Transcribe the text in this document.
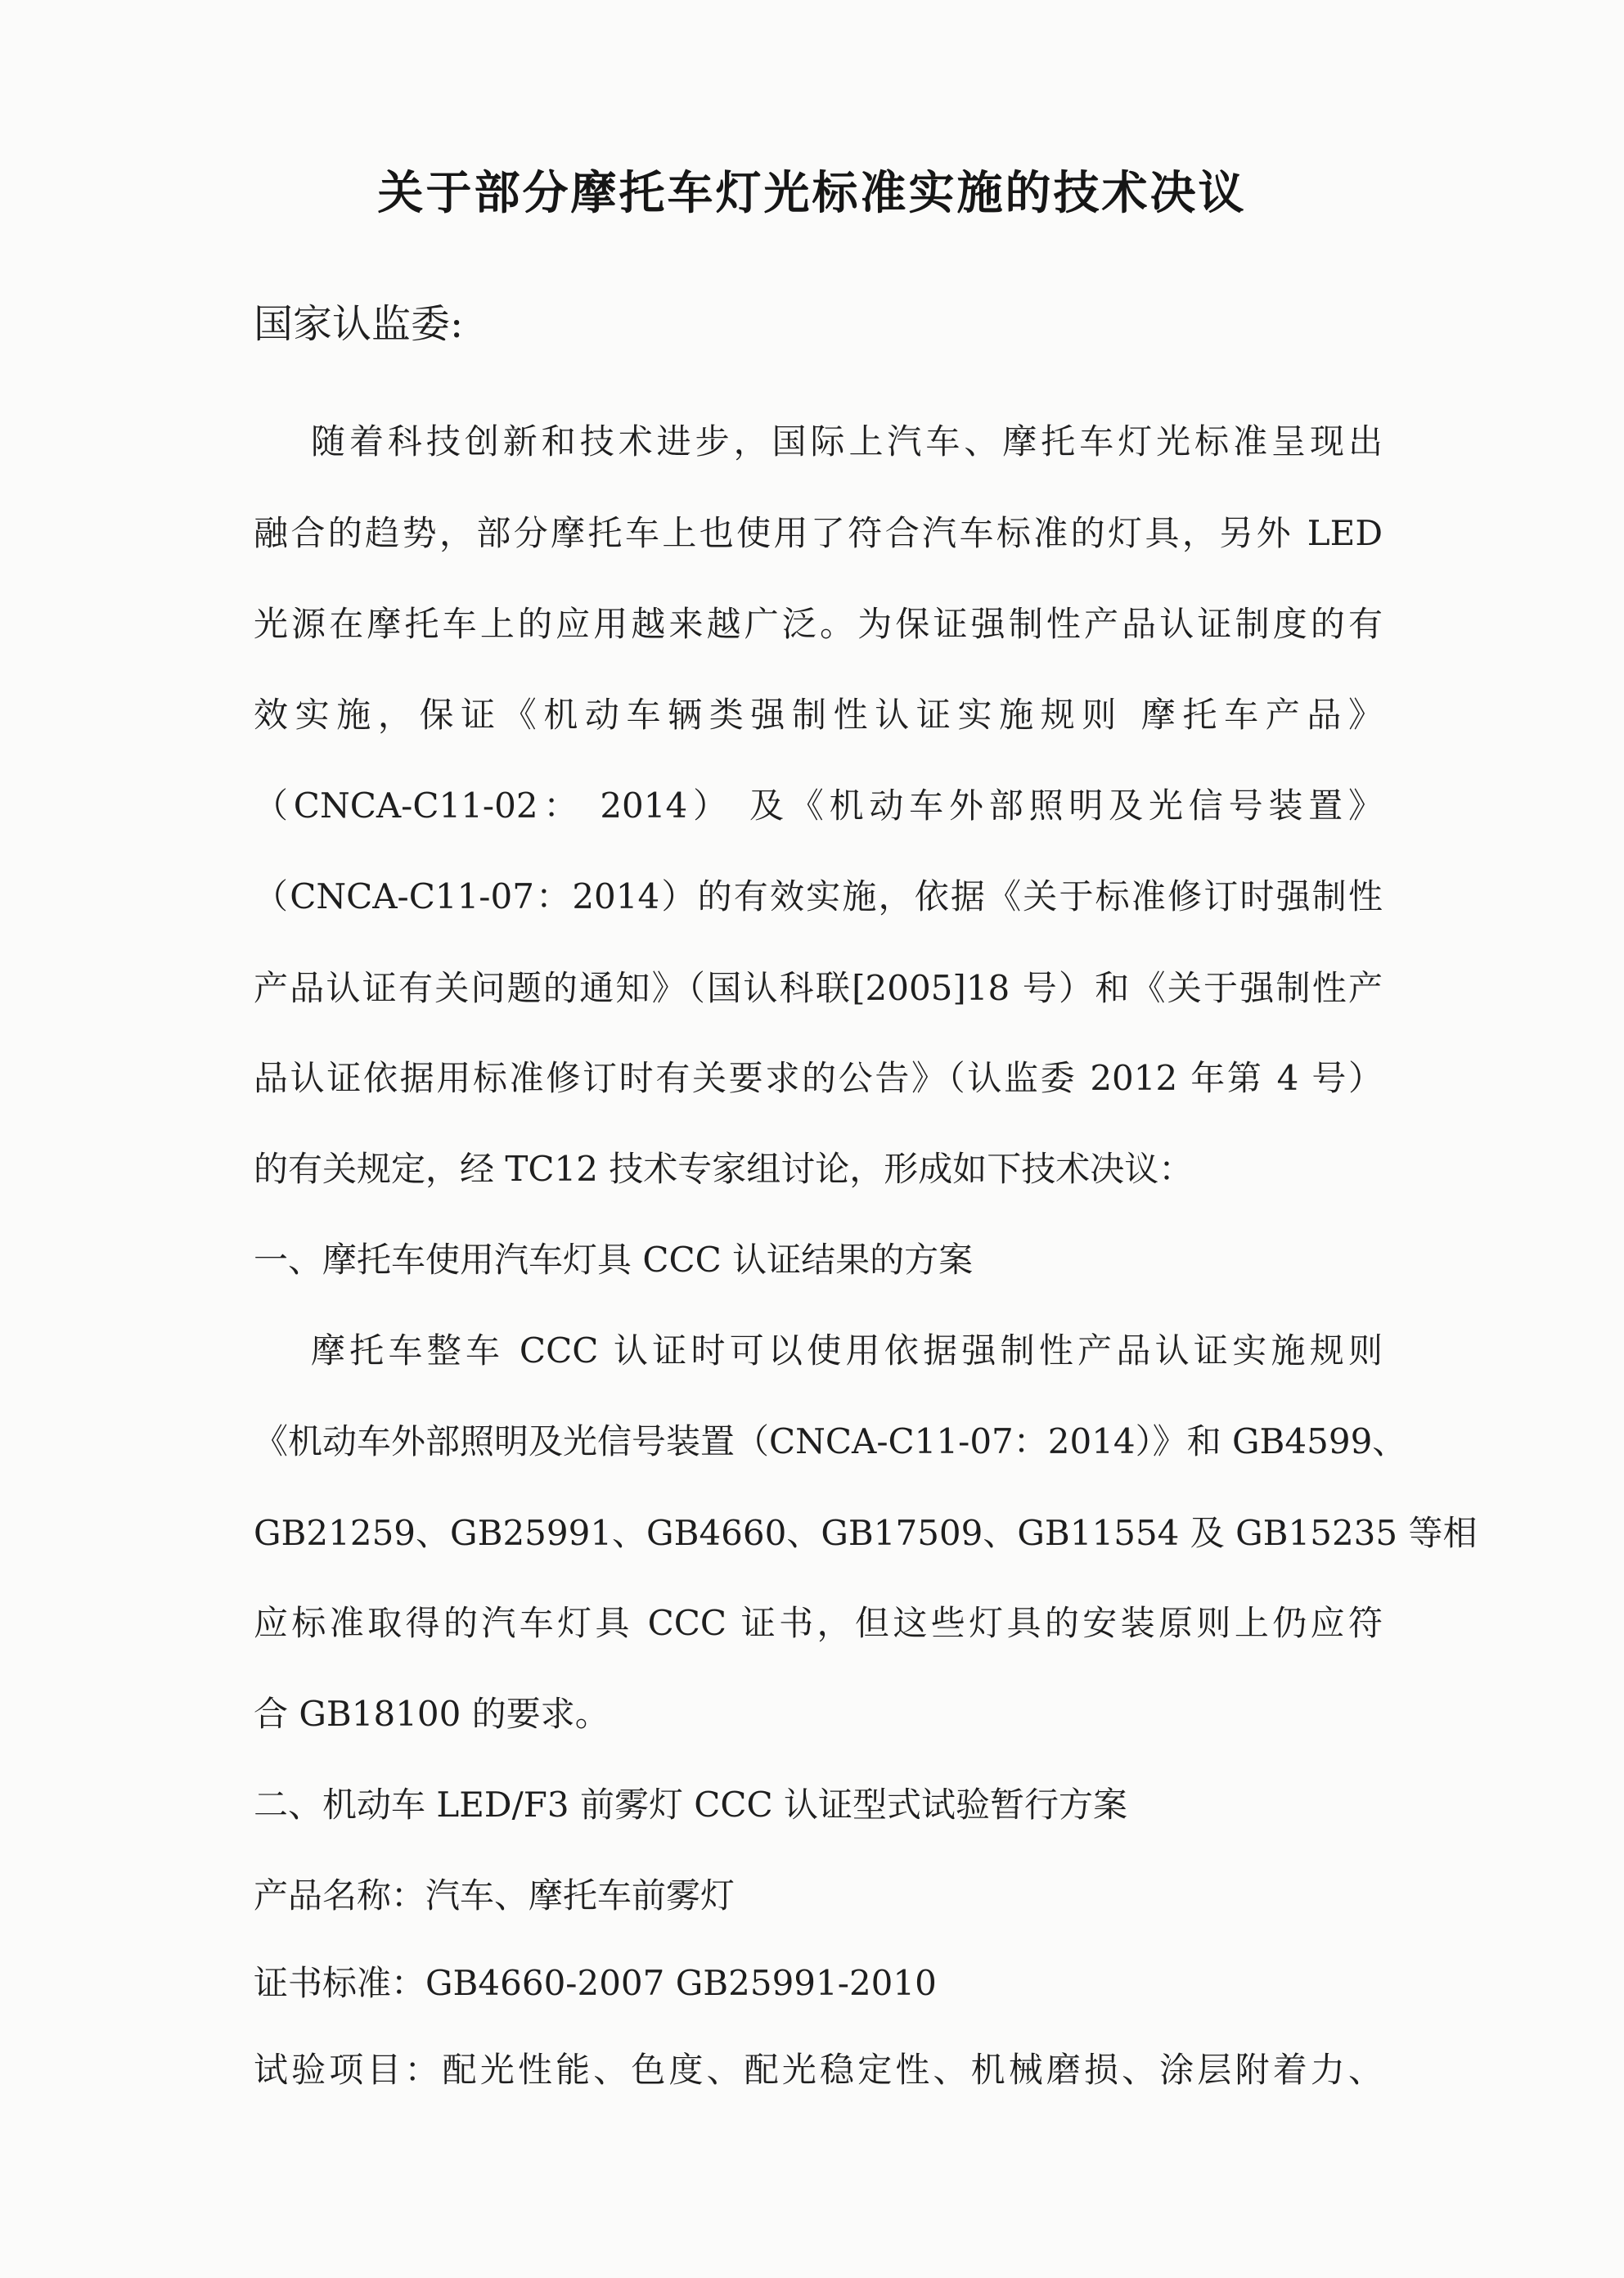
关于部分摩托车灯光标准实施的技术决议
国家认监委:
随着科技创新和技术进步，国际上汽车、摩托车灯光标准呈现出
融合的趋势，部分摩托车上也使用了符合汽车标准的灯具，另外 LED
光源在摩托车上的应用越来越广泛。为保证强制性产品认证制度的有
效实施，保证《机动车辆类强制性认证实施规则 摩托车产品》
（CNCA-C11-02： 2014） 及《机动车外部照明及光信号装置》
（CNCA-C11-07：2014）的有效实施，依据《关于标准修订时强制性
产品认证有关问题的通知》（国认科联[2005]18 号）和《关于强制性产
品认证依据用标准修订时有关要求的公告》（认监委 2012 年第 4 号）
的有关规定，经 TC12 技术专家组讨论，形成如下技术决议：
一、摩托车使用汽车灯具 CCC 认证结果的方案
摩托车整车 CCC 认证时可以使用依据强制性产品认证实施规则
《机动车外部照明及光信号装置（CNCA-C11-07：2014）》和 GB4599、
GB21259、GB25991、GB4660、GB17509、GB11554 及 GB15235 等相
应标准取得的汽车灯具 CCC 证书，但这些灯具的安装原则上仍应符
合 GB18100 的要求。
二、机动车 LED/F3 前雾灯 CCC 认证型式试验暂行方案
产品名称：汽车、摩托车前雾灯
证书标准：GB4660-2007 GB25991-2010
试验项目：配光性能、色度、配光稳定性、机械磨损、涂层附着力、
